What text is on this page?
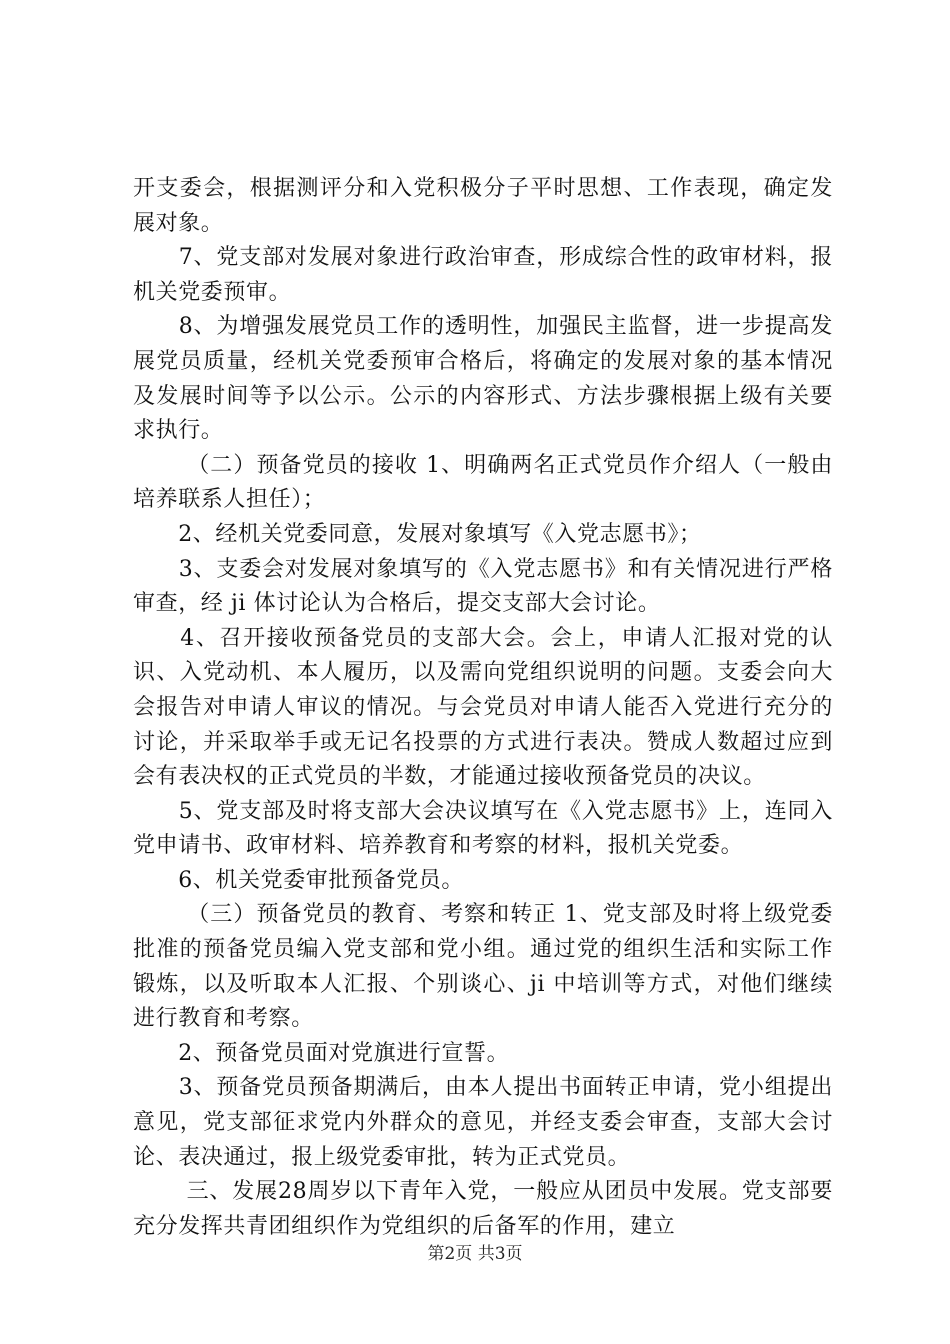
开支委会，根据测评分和入党积极分子平时思想、工作表现，确定发展对象。

　　7、党支部对发展对象进行政治审查，形成综合性的政审材料，报机关党委预审。

　　8、为增强发展党员工作的透明性，加强民主监督，进一步提高发展党员质量，经机关党委预审合格后，将确定的发展对象的基本情况及发展时间等予以公示。公示的内容形式、方法步骤根据上级有关要求执行。

　　 （二）预备党员的接收 1、明确两名正式党员作介绍人（一般由培养联系人担任）；

　　2、经机关党委同意，发展对象填写《入党志愿书》；

　　3、支委会对发展对象填写的《入党志愿书》和有关情况进行严格审查，经 ji 体讨论认为合格后，提交支部大会讨论。

　　4、召开接收预备党员的支部大会。会上，申请人汇报对党的认识、入党动机、本人履历，以及需向党组织说明的问题。支委会向大会报告对申请人审议的情况。与会党员对申请人能否入党进行充分的讨论，并采取举手或无记名投票的方式进行表决。赞成人数超过应到会有表决权的正式党员的半数，才能通过接收预备党员的决议。

　　5、党支部及时将支部大会决议填写在《入党志愿书》上，连同入党申请书、政审材料、培养教育和考察的材料，报机关党委。

　　6、机关党委审批预备党员。

　　 （三）预备党员的教育、考察和转正 1、党支部及时将上级党委批准的预备党员编入党支部和党小组。通过党的组织生活和实际工作锻炼，以及听取本人汇报、个别谈心、ji 中培训等方式，对他们继续进行教育和考察。

　　2、预备党员面对党旗进行宣誓。

　　3、预备党员预备期满后，由本人提出书面转正申请，党小组提出意见，党支部征求党内外群众的意见，并经支委会审查，支部大会讨论、表决通过，报上级党委审批，转为正式党员。

　　 三、发展28周岁以下青年入党，一般应从团员中发展。党支部要充分发挥共青团组织作为党组织的后备军的作用，建立

第2页 共3页
